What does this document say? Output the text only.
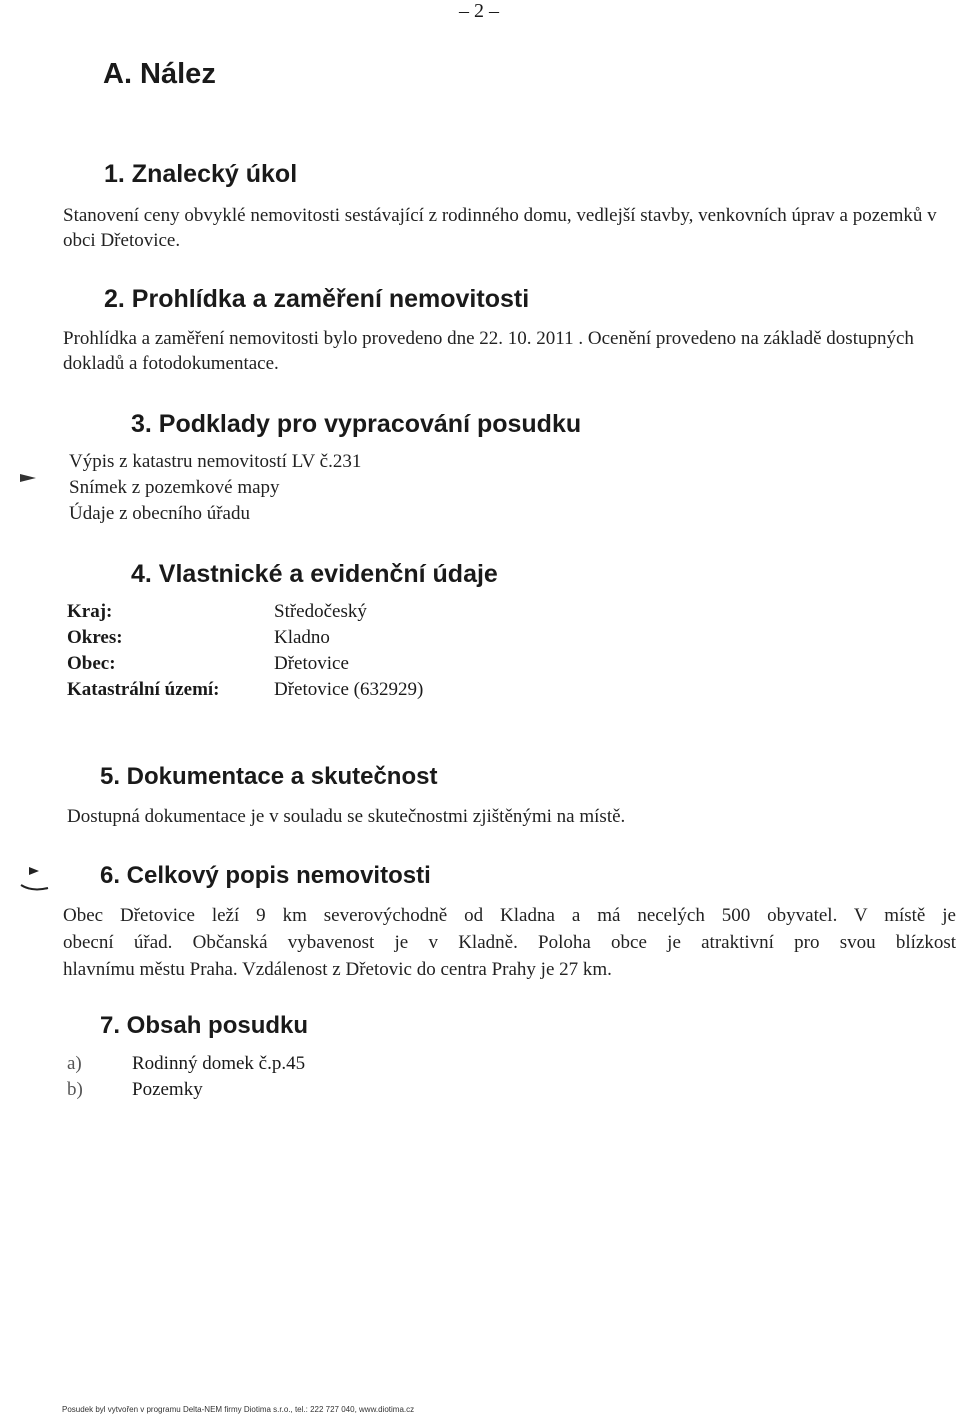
– 2 –
A. Nález
1. Znalecký úkol
Stanovení ceny obvyklé nemovitosti sestávající z rodinného domu, vedlejší stavby, venkovních úprav a pozemků v obci Dřetovice.
2. Prohlídka a zaměření nemovitosti
Prohlídka a zaměření nemovitosti bylo provedeno dne 22. 10. 2011 . Ocenění provedeno na základě dostupných dokladů a fotodokumentace.
3. Podklady pro vypracování posudku
Výpis z katastru nemovitostí LV č.231
Snímek z pozemkové mapy
Údaje z obecního úřadu
4. Vlastnické a evidenční údaje
Kraj:	Středočeský
Okres:	Kladno
Obec:	Dřetovice
Katastrální území:	Dřetovice (632929)
5. Dokumentace a skutečnost
Dostupná dokumentace je v souladu se skutečnostmi zjištěnými na místě.
6. Celkový popis nemovitosti
Obec Dřetovice leží 9 km severovýchodně od Kladna a má necelých 500 obyvatel. V místě je
obecní úřad. Občanská vybavenost je v Kladně. Poloha obce je atraktivní pro svou blízkost
hlavnímu městu Praha. Vzdálenost z Dřetovic do centra Prahy je 27 km.
7. Obsah posudku
a)	Rodinný domek č.p.45
b)	Pozemky
Posudek byl vytvořen v programu Delta-NEM firmy Diotima s.r.o., tel.: 222 727 040, www.diotima.cz
